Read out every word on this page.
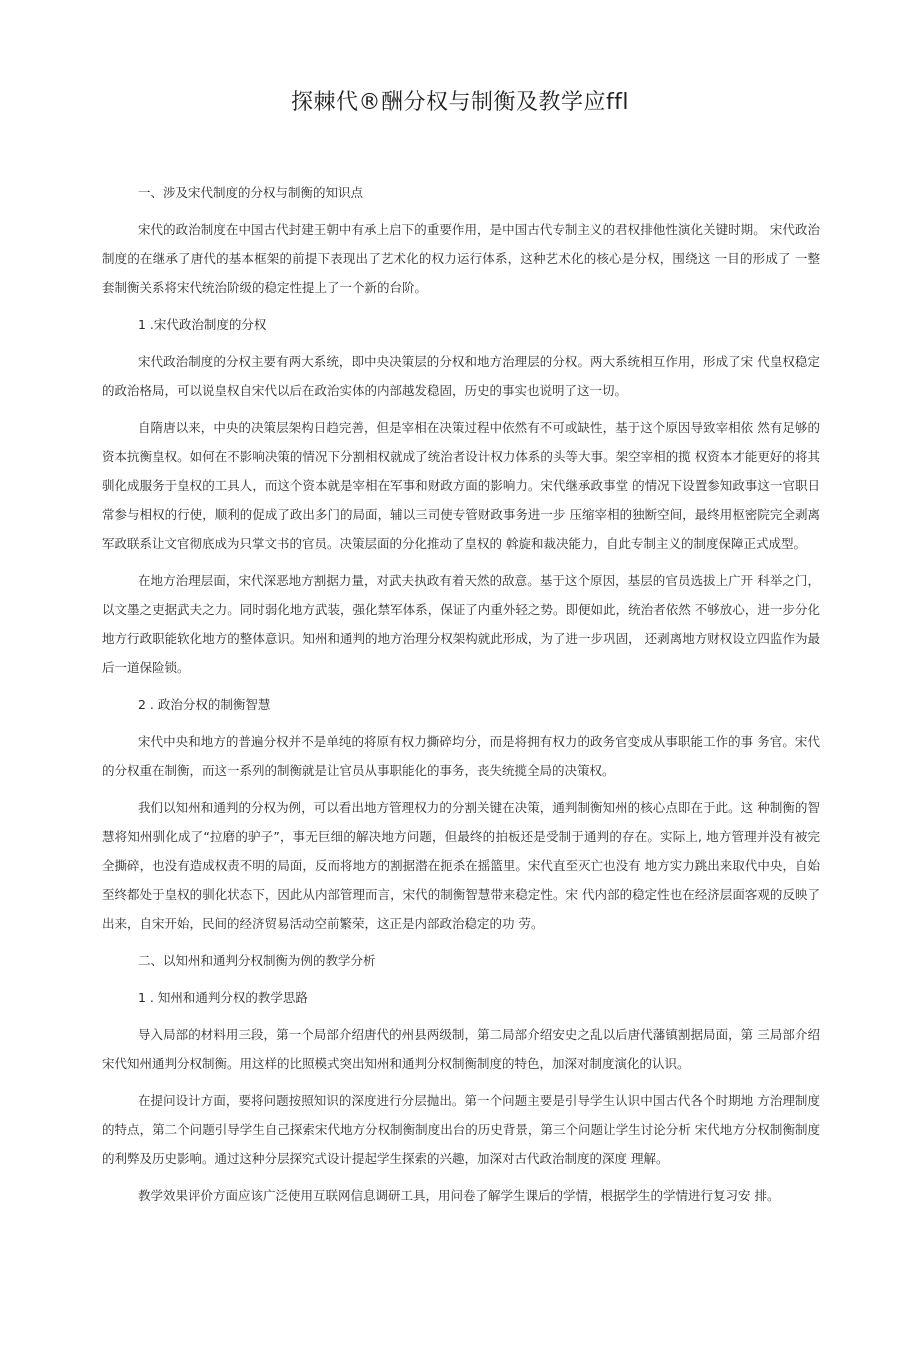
探棘代®酬分权与制衡及教学应ffl

一、涉及宋代制度的分权与制衡的知识点

宋代的政治制度在中国古代封建王朝中有承上启下的重要作用，是中国古代专制主义的君权排他性演化关键时期。 宋代政治制度的在继承了唐代的基本框架的前提下表现出了艺术化的权力运行体系，这种艺术化的核心是分权，围绕这 一目的形成了 一整套制衡关系将宋代统治阶级的稳定性提上了一个新的台阶。

1 .宋代政治制度的分权

宋代政治制度的分权主要有两大系统，即中央决策层的分权和地方治理层的分权。两大系统相互作用，形成了宋 代皇权稳定的政治格局，可以说皇权自宋代以后在政治实体的内部越发稳固，历史的事实也说明了这一切。

自隋唐以来，中央的决策层架构日趋完善，但是宰相在决策过程中依然有不可或缺性，基于这个原因导致宰相依 然有足够的资本抗衡皇权。如何在不影响决策的情况下分割相权就成了统治者设计权力体系的头等大事。架空宰相的揽 权资本才能更好的将其驯化成服务于皇权的工具人，而这个资本就是宰相在军事和财政方面的影响力。宋代继承政事堂 的情况下设置参知政事这一官职日常参与相权的行使，顺利的促成了政出多门的局面，辅以三司使专管财政事务进一步 压缩宰相的独断空间，最终用枢密院完全剥离军政联系让文官彻底成为只掌文书的官员。决策层面的分化推动了皇权的 斡旋和裁决能力，自此专制主义的制度保障正式成型。

在地方治理层面，宋代深恶地方割据力量，对武夫执政有着天然的敌意。基于这个原因，基层的官员选拔上广开 科举之门，以文墨之吏据武夫之力。同时弱化地方武装，强化禁军体系，保证了内重外轻之势。即便如此，统治者依然 不够放心，进一步分化地方行政职能软化地方的整体意识。知州和通判的地方治理分权架构就此形成，为了进一步巩固， 还剥离地方财权设立四监作为最后一道保险锁。

2 . 政治分权的制衡智慧

宋代中央和地方的普遍分权并不是单纯的将原有权力撕碎均分，而是将拥有权力的政务官变成从事职能工作的事 务官。宋代的分权重在制衡，而这一系列的制衡就是让官员从事职能化的事务，丧失统揽全局的决策权。

我们以知州和通判的分权为例，可以看出地方管理权力的分割关键在决策，通判制衡知州的核心点即在于此。这 种制衡的智慧将知州驯化成了“拉磨的驴子”，事无巨细的解决地方问题，但最终的拍板还是受制于通判的存在。实际上, 地方管理并没有被完全撕碎，也没有造成权责不明的局面，反而将地方的割据潜在扼杀在摇篮里。宋代直至灭亡也没有 地方实力跳出来取代中央，自始至终都处于皇权的驯化状态下，因此从内部管理而言，宋代的制衡智慧带来稳定性。宋 代内部的稳定性也在经济层面客观的反映了出来，自宋开始，民间的经济贸易活动空前繁荣，这正是内部政治稳定的功 劳。

二、以知州和通判分权制衡为例的教学分析

1 . 知州和通判分权的教学思路

导入局部的材料用三段，第一个局部介绍唐代的州县两级制，第二局部介绍安史之乱以后唐代藩镇割据局面，第 三局部介绍宋代知州通判分权制衡。用这样的比照模式突出知州和通判分权制衡制度的特色，加深对制度演化的认识。

在提问设计方面，要将问题按照知识的深度进行分层抛出。第一个问题主要是引导学生认识中国古代各个时期地 方治理制度的特点，第二个问题引导学生自己探索宋代地方分权制衡制度出台的历史背景，第三个问题让学生讨论分析 宋代地方分权制衡制度的利弊及历史影响。通过这种分层探究式设计提起学生探索的兴趣，加深对古代政治制度的深度 理解。

教学效果评价方面应该广泛使用互联网信息调研工具，用问卷了解学生课后的学情，根据学生的学情进行复习安 排。
